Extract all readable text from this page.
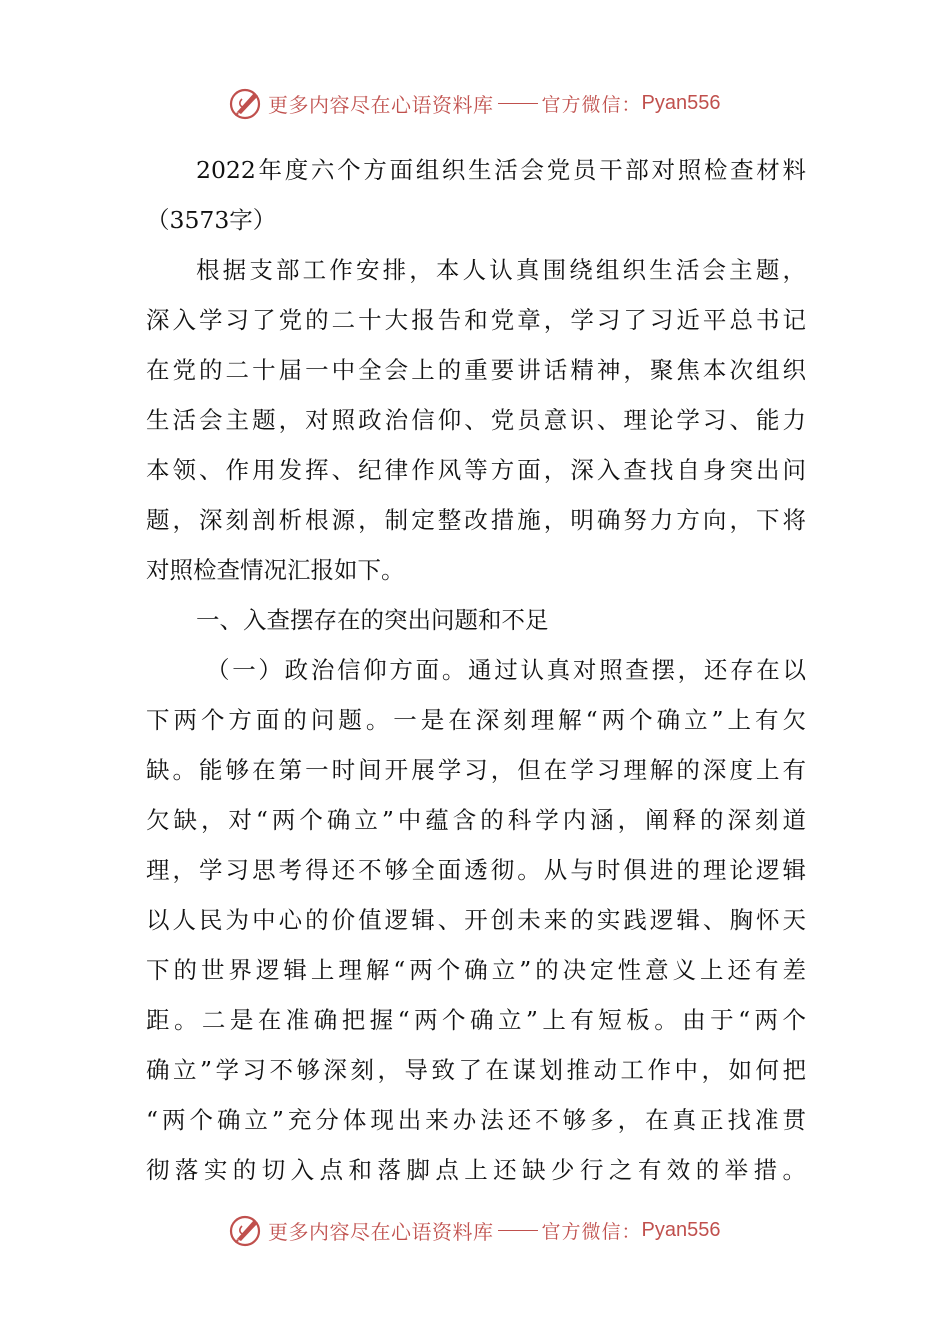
更多内容尽在心语资料库	官方微信： Pyan556
2022年度六个方面组织生活会党员干部对照检查材料
（3573字）
根据支部工作安排，本人认真围绕组织生活会主题，
深入学习了党的二十大报告和党章，学习了习近平总书记
在党的二十届一中全会上的重要讲话精神，聚焦本次组织
生活会主题，对照政治信仰、党员意识、理论学习、能力
本领、作用发挥、纪律作风等方面，深入查找自身突出问
题，深刻剖析根源，制定整改措施，明确努力方向，下将
对照检查情况汇报如下。
一、入查摆存在的突出问题和不足
（一）政治信仰方面。通过认真对照查摆，还存在以
下两个方面的问题。一是在深刻理解“两个确立”上有欠
缺。能够在第一时间开展学习，但在学习理解的深度上有
欠缺，对“两个确立”中蕴含的科学内涵，阐释的深刻道
理，学习思考得还不够全面透彻。从与时俱进的理论逻辑
以人民为中心的价值逻辑、开创未来的实践逻辑、胸怀天
下的世界逻辑上理解“两个确立”的决定性意义上还有差
距。二是在准确把握“两个确立”上有短板。由于“两个
确立”学习不够深刻，导致了在谋划推动工作中，如何把
“两个确立”充分体现出来办法还不够多，在真正找准贯
彻落实的切入点和落脚点上还缺少行之有效的举措。
更多内容尽在心语资料库	官方微信： Pyan556
